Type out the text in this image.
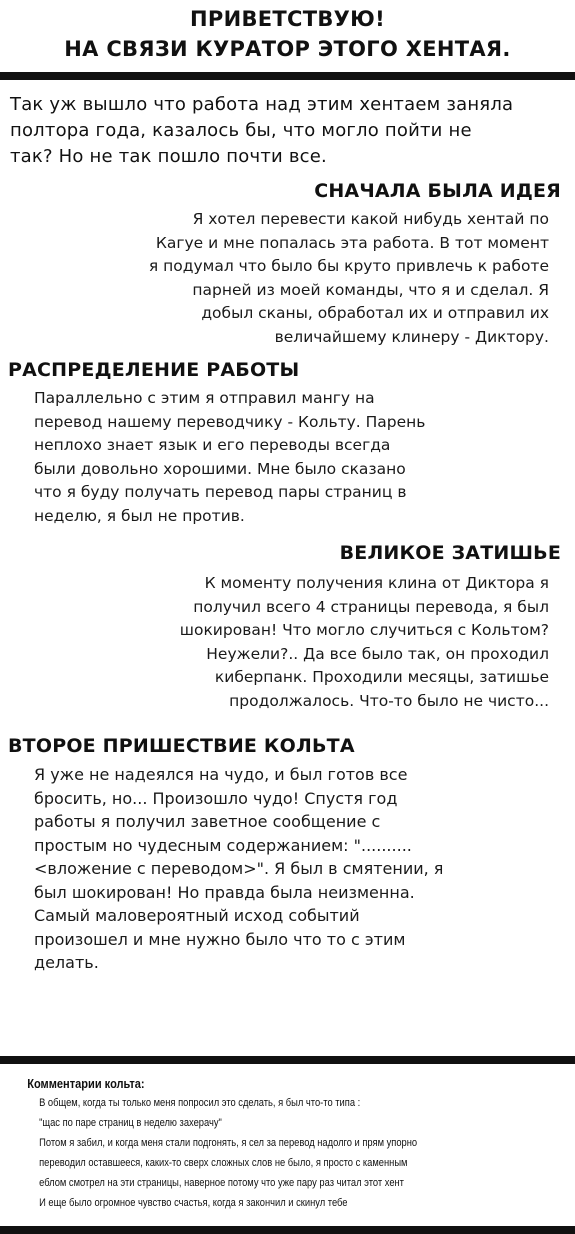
ПРИВЕТСТВУЮ!
НА СВЯЗИ КУРАТОР ЭТОГО ХЕНТАЯ.
Так уж вышло что работа над этим хентаем заняла
полтора года, казалось бы, что могло пойти не
так? Но не так пошло почти все.
СНАЧАЛА БЫЛА ИДЕЯ
Я хотел перевести какой нибудь хентай по
Кагуе и мне попалась эта работа. В тот момент
я подумал что было бы круто привлечь к работе
парней из моей команды, что я и сделал. Я
добыл сканы, обработал их и отправил их
величайшему клинеру - Диктору.
РАСПРЕДЕЛЕНИЕ РАБОТЫ
Параллельно с этим я отправил мангу на
перевод нашему переводчику - Кольту. Парень
неплохо знает язык и его переводы всегда
были довольно хорошими. Мне было сказано
что я буду получать перевод пары страниц в
неделю, я был не против.
ВЕЛИКОЕ ЗАТИШЬЕ
К моменту получения клина от Диктора я
получил всего 4 страницы перевода, я был
шокирован! Что могло случиться с Кольтом?
Неужели?.. Да все было так, он проходил
киберпанк. Проходили месяцы, затишье
продолжалось. Что-то было не чисто...
ВТОРОЕ ПРИШЕСТВИЕ КОЛЬТА
Я уже не надеялся на чудо, и был готов все
бросить, но... Произошло чудо! Спустя год
работы я получил заветное сообщение с
простым но чудесным содержанием: "..........
<вложение с переводом>". Я был в смятении, я
был шокирован! Но правда была неизменна.
Самый маловероятный исход событий
произошел и мне нужно было что то с этим
делать.
Комментарии кольта:
В общем, когда ты только меня попросил это сделать, я был что-то типа :
"щас по паре страниц в неделю захерачу"
Потом я забил, и когда меня стали подгонять, я сел за перевод надолго и прям упорно
переводил оставшееся, каких-то сверх сложных слов не было, я просто с каменным
еблом смотрел на эти страницы, наверное потому что уже пару раз читал этот хент
И еще было огромное чувство счастья, когда я закончил и скинул тебе
